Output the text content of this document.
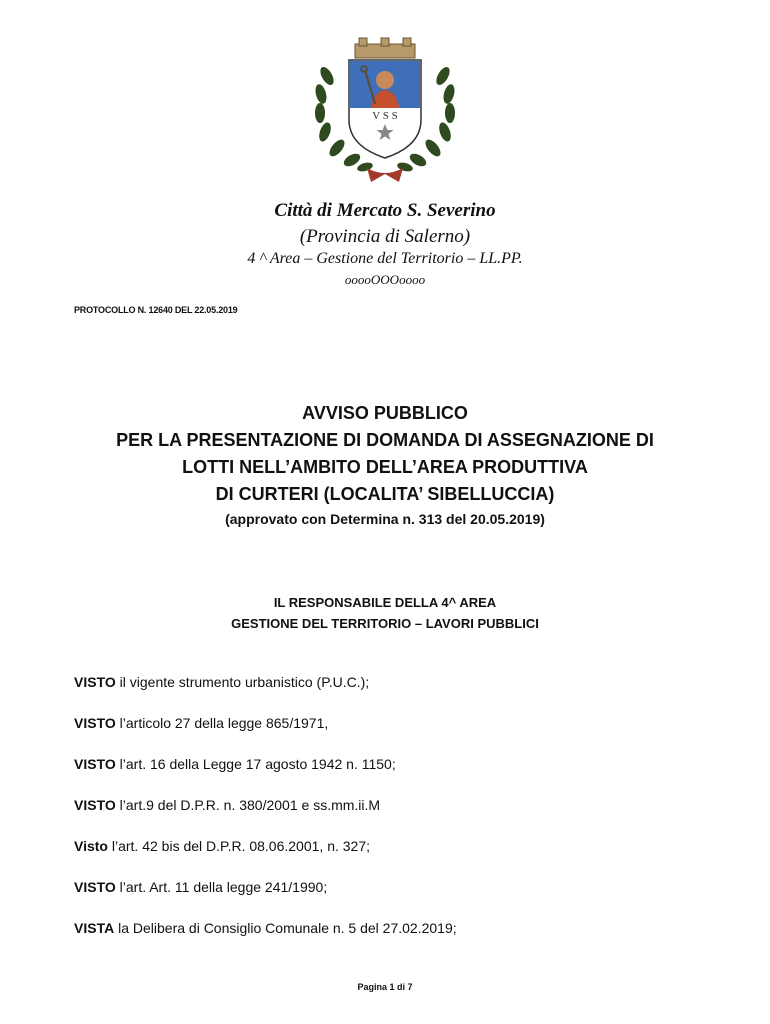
V S S
Città di Mercato S. Severino
(Provincia di Salerno)
4 ^ Area – Gestione del Territorio – LL.PP.
ooooOOOoooo
PROTOCOLLO N. 12640 DEL 22.05.2019
AVVISO PUBBLICO
PER LA PRESENTAZIONE DI DOMANDA DI ASSEGNAZIONE DI
LOTTI NELL’AMBITO DELL’AREA PRODUTTIVA
DI CURTERI (LOCALITA’ SIBELLUCCIA)
(approvato con Determina n. 313 del 20.05.2019)
IL RESPONSABILE DELLA 4^ AREA
GESTIONE DEL TERRITORIO – LAVORI PUBBLICI
VISTO il vigente strumento urbanistico (P.U.C.);
VISTO l’articolo 27 della legge 865/1971,
VISTO l’art. 16 della Legge 17 agosto 1942 n. 1150;
VISTO l’art.9 del D.P.R. n. 380/2001 e ss.mm.ii.M
Visto l’art. 42 bis del D.P.R. 08.06.2001, n. 327;
VISTO l’art. Art. 11 della legge 241/1990;
VISTA la Delibera di Consiglio Comunale n. 5 del 27.02.2019;
Pagina 1 di 7
